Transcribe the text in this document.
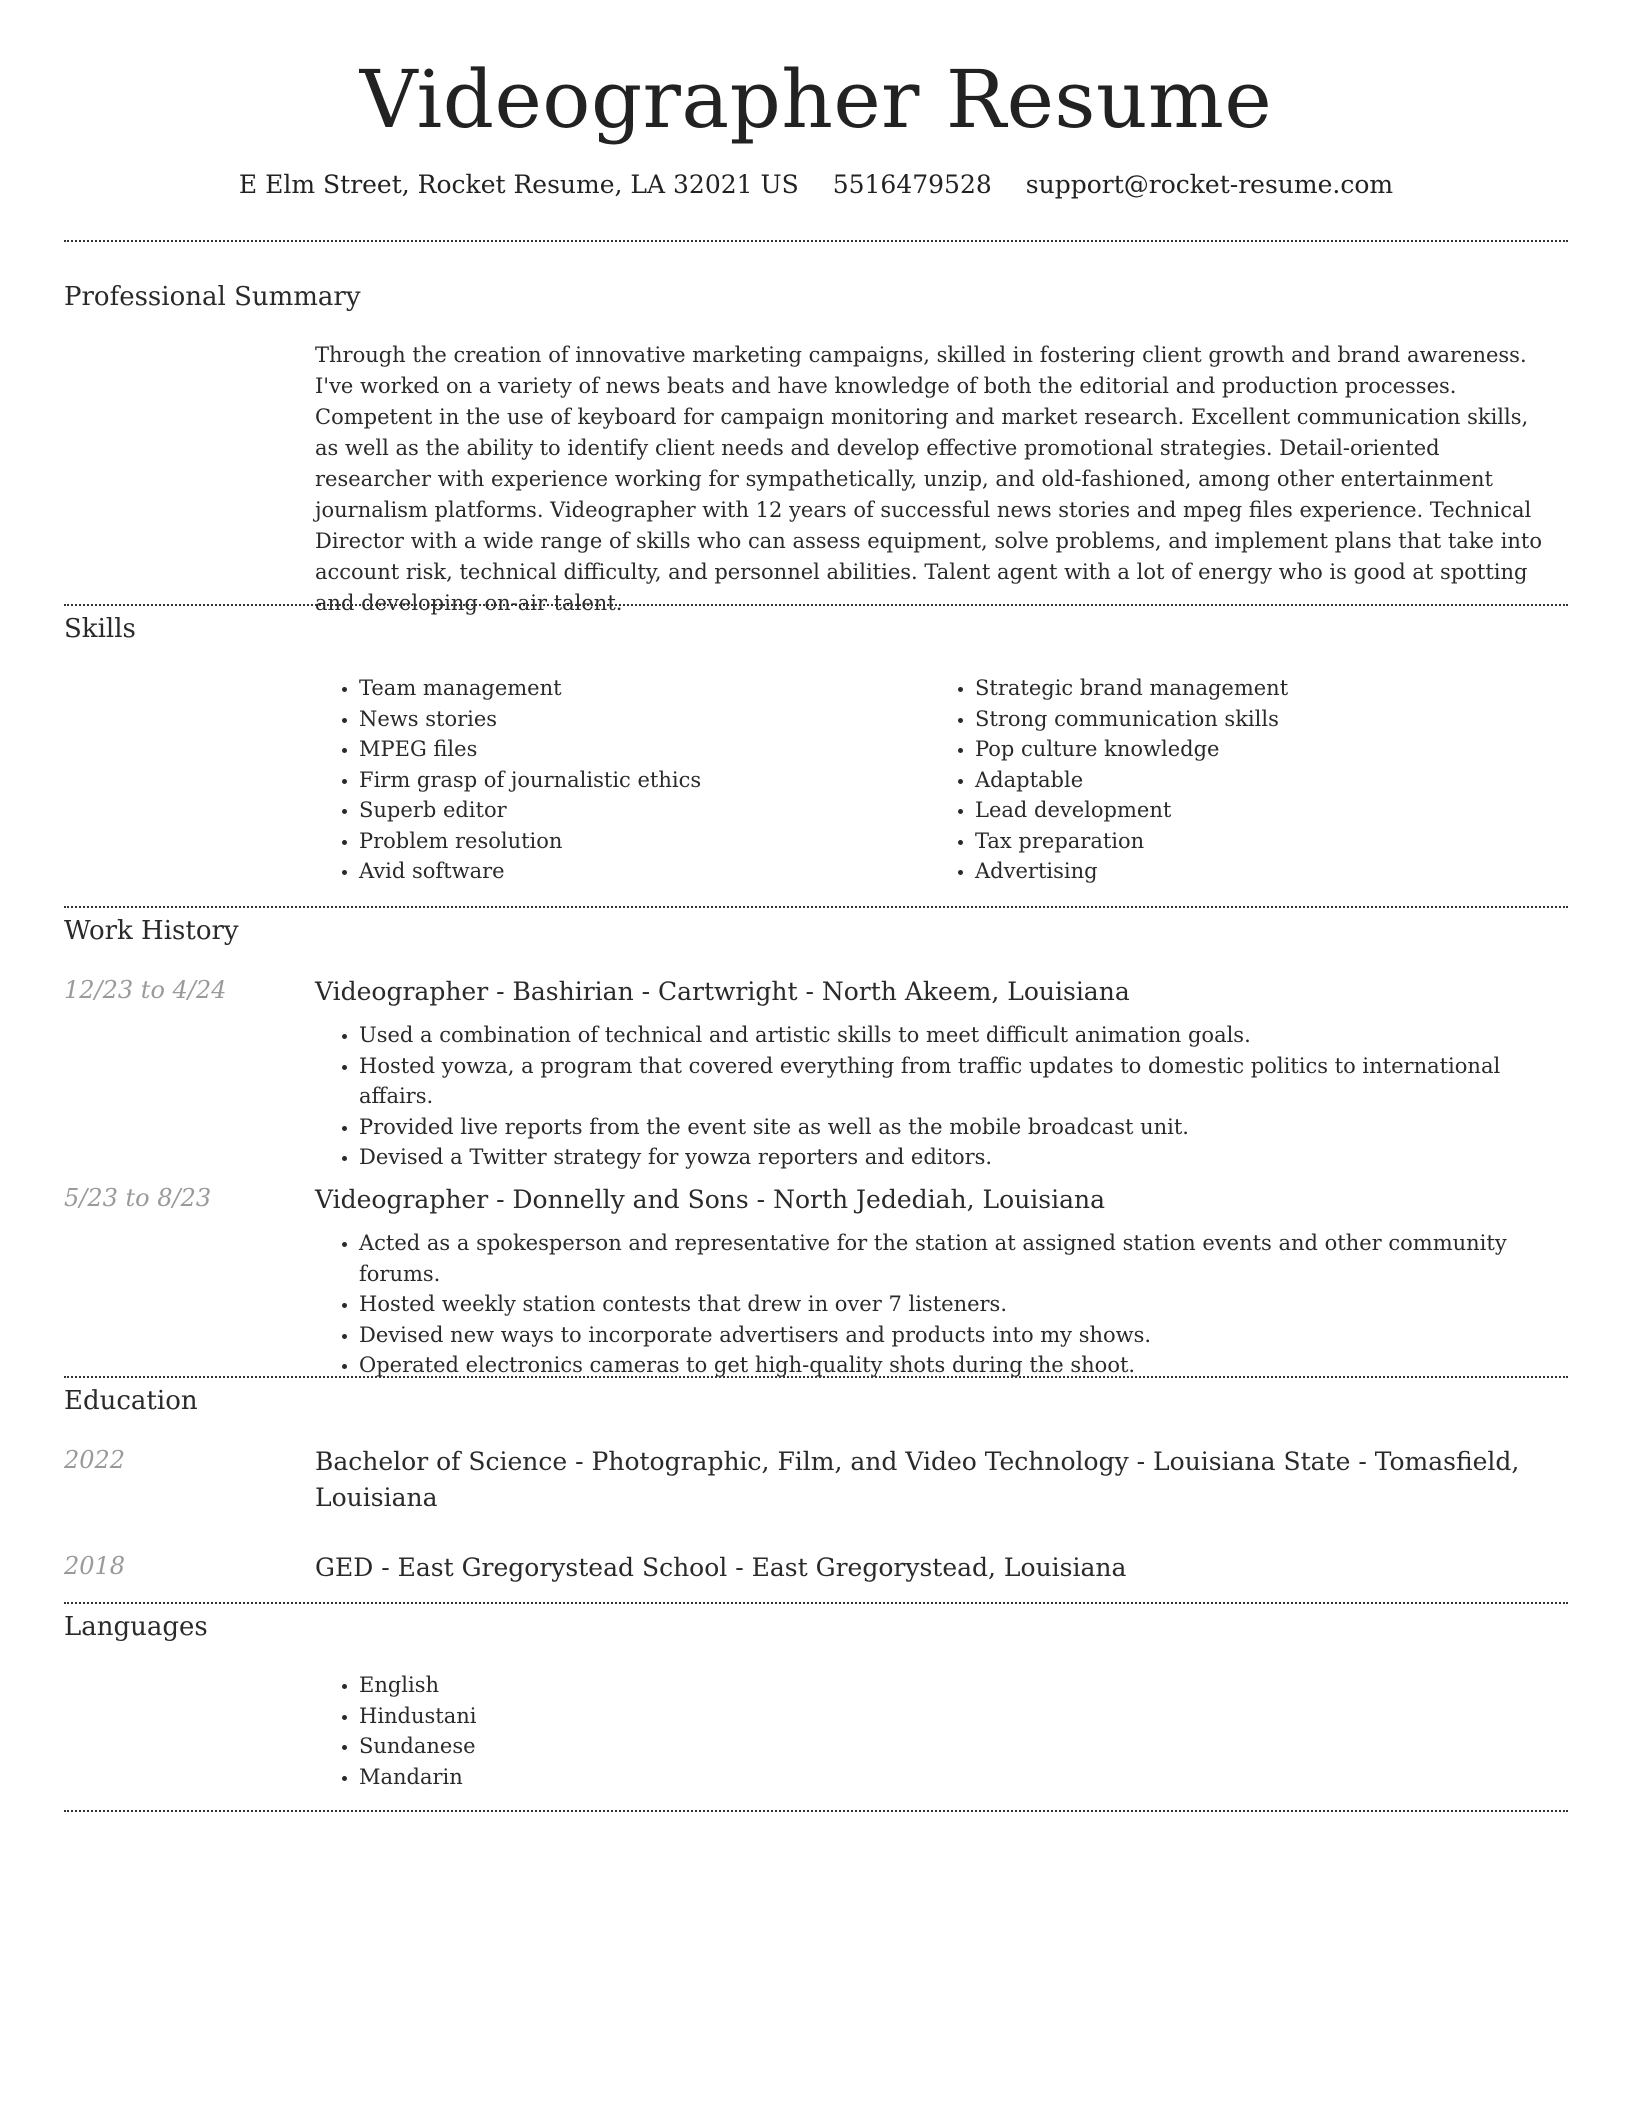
Videographer Resume
E Elm Street, Rocket Resume, LA 32021 US 5516479528 support@rocket-resume.com
Professional Summary

Through the creation of innovative marketing campaigns, skilled in fostering client growth and brand awareness. I've worked on a variety of news beats and have knowledge of both the editorial and production processes. Competent in the use of keyboard for campaign monitoring and market research. Excellent communication skills, as well as the ability to identify client needs and develop effective promotional strategies. Detail-oriented researcher with experience working for sympathetically, unzip, and old-fashioned, among other entertainment journalism platforms. Videographer with 12 years of successful news stories and mpeg files experience. Technical Director with a wide range of skills who can assess equipment, solve problems, and implement plans that take into account risk, technical difficulty, and personnel abilities. Talent agent with a lot of energy who is good at spotting and developing on-air talent.

Skills
• Team management
• News stories
• MPEG files
• Firm grasp of journalistic ethics
• Superb editor
• Problem resolution
• Avid software
• Strategic brand management
• Strong communication skills
• Pop culture knowledge
• Adaptable
• Lead development
• Tax preparation
• Advertising
Work History
12/23 to 4/24	Videographer - Bashirian - Cartwright - North Akeem, Louisiana
• Used a combination of technical and artistic skills to meet difficult animation goals.
• Hosted yowza, a program that covered everything from traffic updates to domestic politics to international affairs.
• Provided live reports from the event site as well as the mobile broadcast unit.
• Devised a Twitter strategy for yowza reporters and editors.
5/23 to 8/23	Videographer - Donnelly and Sons - North Jedediah, Louisiana
• Acted as a spokesperson and representative for the station at assigned station events and other community forums.
• Hosted weekly station contests that drew in over 7 listeners.
• Devised new ways to incorporate advertisers and products into my shows.
• Operated electronics cameras to get high-quality shots during the shoot.
Education
2022	Bachelor of Science - Photographic, Film, and Video Technology - Louisiana State - Tomasfield, Louisiana
2018	GED - East Gregorystead School - East Gregorystead, Louisiana
Languages
• English
• Hindustani
• Sundanese
• Mandarin
